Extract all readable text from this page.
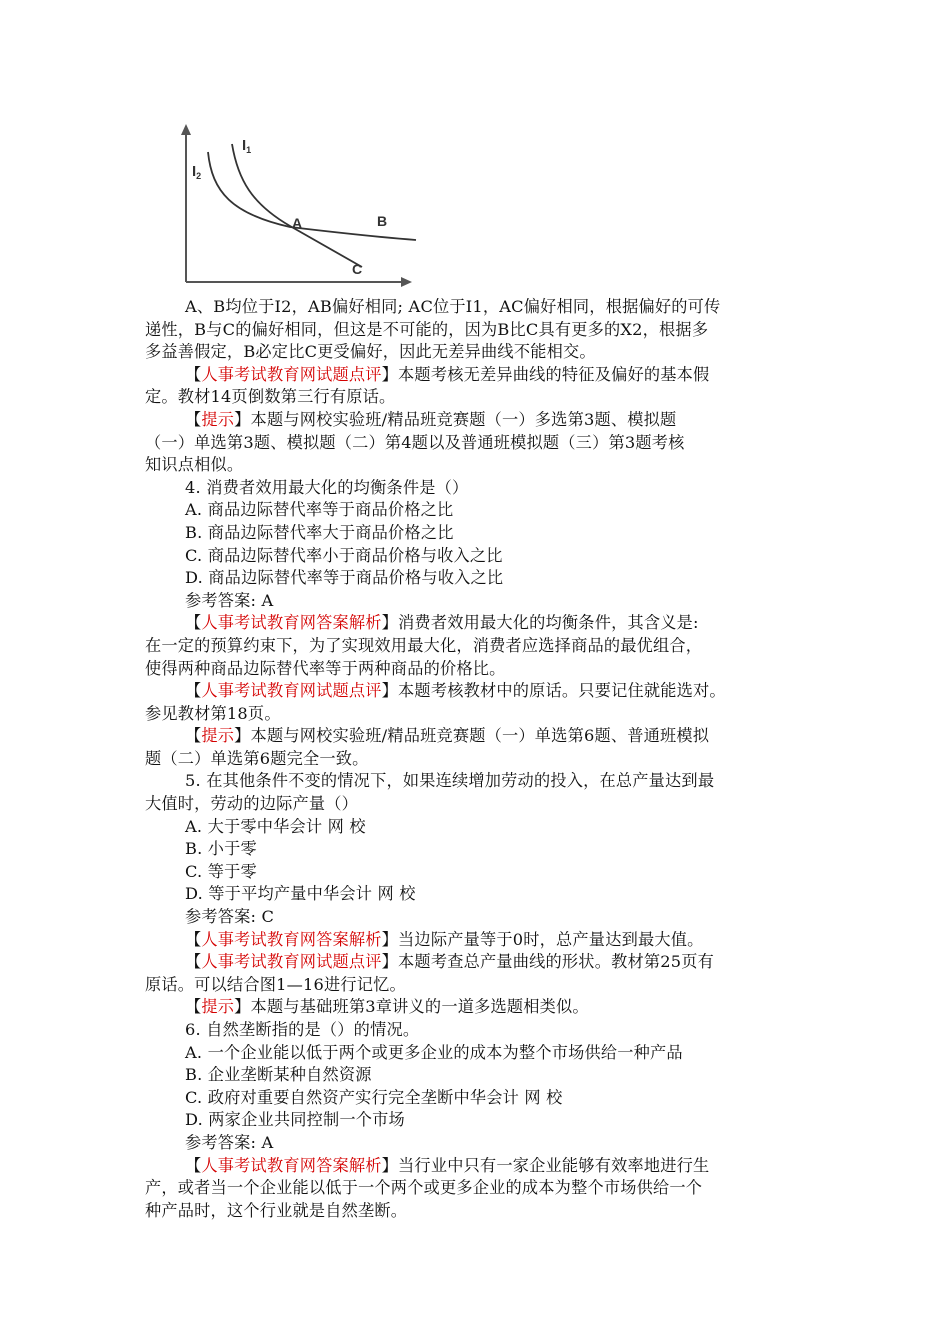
$I_1$
$I_2$
A	B
C
A、B均位于I2，AB偏好相同; AC位于I1，AC偏好相同，根据偏好的可传
递性，B与C的偏好相同，但这是不可能的，因为B比C具有更多的X2，根据多
多益善假定，B必定比C更受偏好，因此无差异曲线不能相交。
【人事考试教育网试题点评】本题考核无差异曲线的特征及偏好的基本假
定。教材14页倒数第三行有原话。
【提示】本题与网校实验班/精品班竞赛题（一）多选第3题、模拟题
（一）单选第3题、模拟题（二）第4题以及普通班模拟题（三）第3题考核
知识点相似。
4. 消费者效用最大化的均衡条件是（）
A. 商品边际替代率等于商品价格之比
B. 商品边际替代率大于商品价格之比
C. 商品边际替代率小于商品价格与收入之比
D. 商品边际替代率等于商品价格与收入之比
参考答案: A
【人事考试教育网答案解析】消费者效用最大化的均衡条件，其含义是:
在一定的预算约束下，为了实现效用最大化，消费者应选择商品的最优组合，
使得两种商品边际替代率等于两种商品的价格比。
【人事考试教育网试题点评】本题考核教材中的原话。只要记住就能选对。
参见教材第18页。
【提示】本题与网校实验班/精品班竞赛题（一）单选第6题、普通班模拟
题（二）单选第6题完全一致。
5. 在其他条件不变的情况下，如果连续增加劳动的投入，在总产量达到最
大值时，劳动的边际产量（）
A. 大于零中华会计 网 校
B. 小于零
C. 等于零
D. 等于平均产量中华会计 网 校
参考答案: C
【人事考试教育网答案解析】当边际产量等于0时，总产量达到最大值。
【人事考试教育网试题点评】本题考查总产量曲线的形状。教材第25页有
原话。可以结合图1—16进行记忆。
【提示】本题与基础班第3章讲义的一道多选题相类似。
6. 自然垄断指的是（）的情况。
A. 一个企业能以低于两个或更多企业的成本为整个市场供给一种产品
B. 企业垄断某种自然资源
C. 政府对重要自然资产实行完全垄断中华会计 网 校
D. 两家企业共同控制一个市场
参考答案: A
【人事考试教育网答案解析】当行业中只有一家企业能够有效率地进行生
产，或者当一个企业能以低于一个两个或更多企业的成本为整个市场供给一个
种产品时，这个行业就是自然垄断。
